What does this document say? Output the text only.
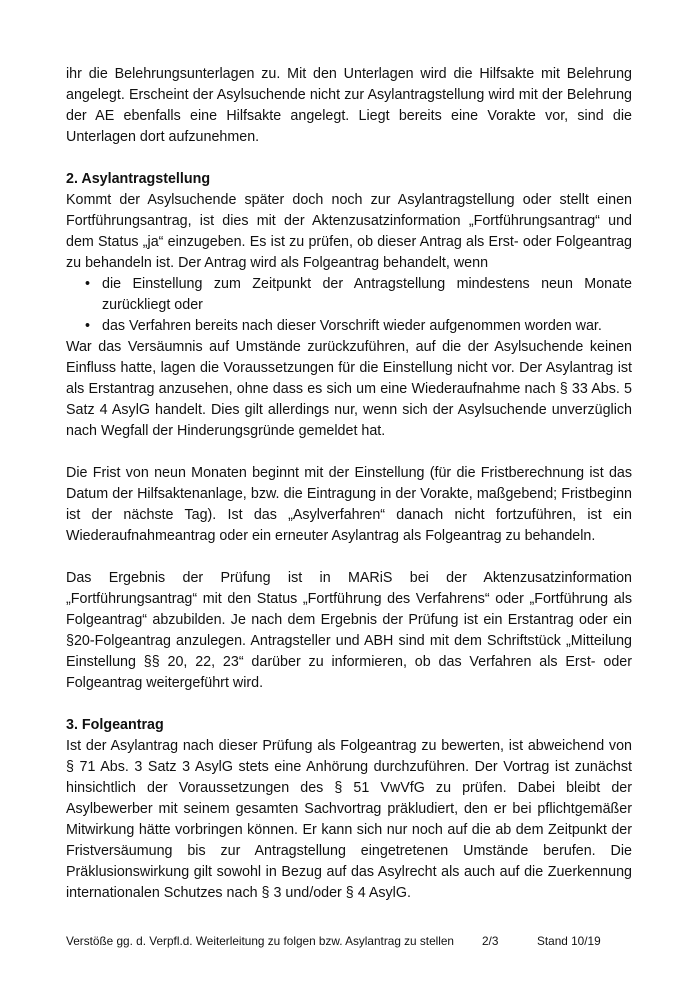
ihr die Belehrungsunterlagen zu. Mit den Unterlagen wird die Hilfsakte mit Belehrung angelegt. Erscheint der Asylsuchende nicht zur Asylantragstellung wird mit der Belehrung der AE ebenfalls eine Hilfsakte angelegt. Liegt bereits eine Vorakte vor, sind die Unterlagen dort aufzunehmen.

2. Asylantragstellung

Kommt der Asylsuchende später doch noch zur Asylantragstellung oder stellt einen Fortführungsantrag, ist dies mit der Aktenzusatzinformation „Fortführungsantrag“ und dem Status „ja“ einzugeben. Es ist zu prüfen, ob dieser Antrag als Erst- oder Folgeantrag zu behandeln ist. Der Antrag wird als Folgeantrag behandelt, wenn

• die Einstellung zum Zeitpunkt der Antragstellung mindestens neun Monate zurückliegt oder
• das Verfahren bereits nach dieser Vorschrift wieder aufgenommen worden war.

War das Versäumnis auf Umstände zurückzuführen, auf die der Asylsuchende keinen Einfluss hatte, lagen die Voraussetzungen für die Einstellung nicht vor. Der Asylantrag ist als Erstantrag anzusehen, ohne dass es sich um eine Wiederaufnahme nach § 33 Abs. 5 Satz 4 AsylG handelt. Dies gilt allerdings nur, wenn sich der Asylsuchende unverzüglich nach Wegfall der Hinderungsgründe gemeldet hat.

Die Frist von neun Monaten beginnt mit der Einstellung (für die Fristberechnung ist das Datum der Hilfsaktenanlage, bzw. die Eintragung in der Vorakte, maßgebend; Fristbeginn ist der nächste Tag). Ist das „Asylverfahren“ danach nicht fortzuführen, ist ein Wiederaufnahmeantrag oder ein erneuter Asylantrag als Folgeantrag zu behandeln.

Das Ergebnis der Prüfung ist in MARiS bei der Aktenzusatzinformation „Fortführungsantrag“ mit den Status „Fortführung des Verfahrens“ oder „Fortführung als Folgeantrag“ abzubilden. Je nach dem Ergebnis der Prüfung ist ein Erstantrag oder ein §20-Folgeantrag anzulegen. Antragsteller und ABH sind mit dem Schriftstück „Mitteilung Einstellung §§ 20, 22, 23“ darüber zu informieren, ob das Verfahren als Erst- oder Folgeantrag weitergeführt wird.

3. Folgeantrag

Ist der Asylantrag nach dieser Prüfung als Folgeantrag zu bewerten, ist abweichend von § 71 Abs. 3 Satz 3 AsylG stets eine Anhörung durchzuführen. Der Vortrag ist zunächst hinsichtlich der Voraussetzungen des § 51 VwVfG zu prüfen. Dabei bleibt der Asylbewerber mit seinem gesamten Sachvortrag präkludiert, den er bei pflichtgemäßer Mitwirkung hätte vorbringen können. Er kann sich nur noch auf die ab dem Zeitpunkt der Fristversäumung bis zur Antragstellung eingetretenen Umstände berufen. Die Präklusionswirkung gilt sowohl in Bezug auf das Asylrecht als auch auf die Zuerkennung internationalen Schutzes nach § 3 und/oder § 4 AsylG.

Verstöße gg. d. Verpfl.d. Weiterleitung zu folgen bzw. Asylantrag zu stellen 2/3	Stand 10/19
